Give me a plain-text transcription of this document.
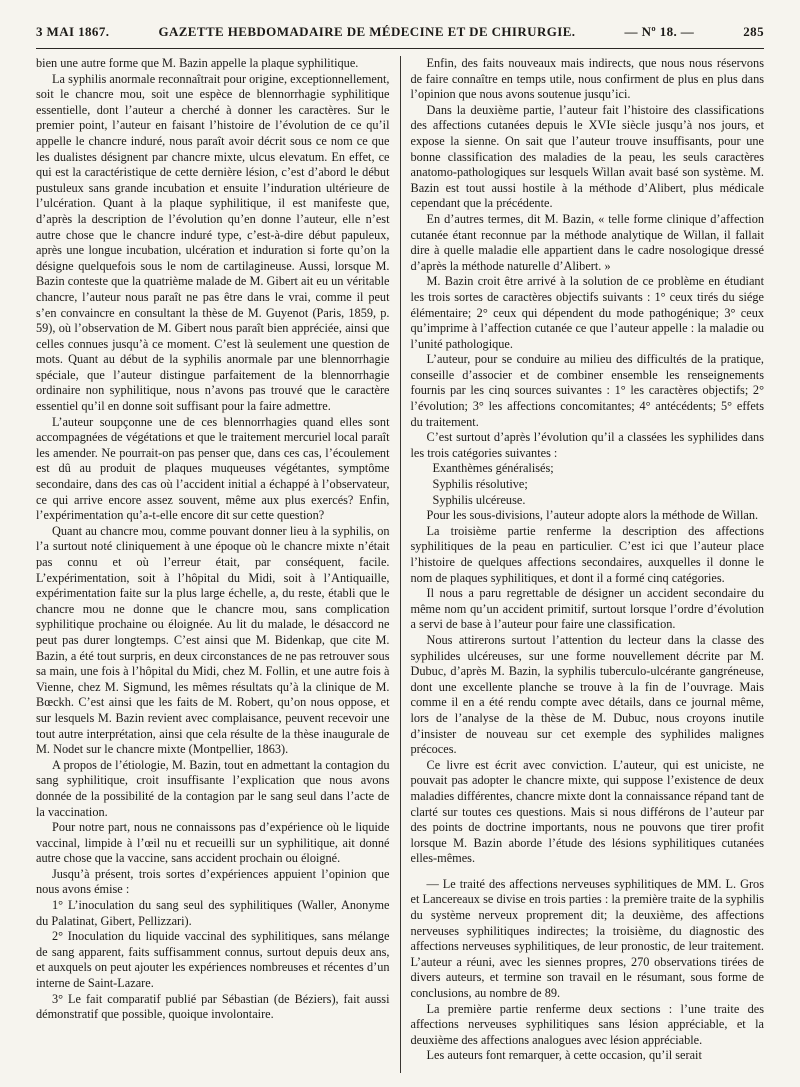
3 MAI 1867.	GAZETTE HEBDOMADAIRE DE MÉDECINE ET DE CHIRURGIE.	— Nº 18. —	285

bien une autre forme que M. Bazin appelle la plaque syphilitique.

La syphilis anormale reconnaîtrait pour origine, exceptionnellement, soit le chancre mou, soit une espèce de blennorrhagie syphilitique essentielle, dont l’auteur a cherché à donner les caractères. Sur le premier point, l’auteur en faisant l’histoire de l’évolution de ce qu’il appelle le chancre induré, nous paraît avoir décrit sous ce nom ce que les dualistes désignent par chancre mixte, ulcus elevatum. En effet, ce qui est la caractéristique de cette dernière lésion, c’est d’abord le début pustuleux sans grande incubation et ensuite l’induration ultérieure de l’ulcération. Quant à la plaque syphilitique, il est manifeste que, d’après la description de l’évolution qu’en donne l’auteur, elle n’est autre chose que le chancre induré type, c’est-à-dire début papuleux, après une longue incubation, ulcération et induration si forte qu’on la désigne quelquefois sous le nom de cartilagineuse. Aussi, lorsque M. Bazin conteste que la quatrième malade de M. Gibert ait eu un véritable chancre, l’auteur nous paraît ne pas être dans le vrai, comme il peut s’en convaincre en consultant la thèse de M. Guyenot (Paris, 1859, p. 59), où l’observation de M. Gibert nous paraît bien appréciée, ainsi que celles connues jusqu’à ce moment. C’est là seulement une question de mots. Quant au début de la syphilis anormale par une blennorrhagie spéciale, que l’auteur distingue parfaitement de la blennorrhagie ordinaire non syphilitique, nous n’avons pas trouvé que le caractère essentiel qu’il en donne soit suffisant pour la faire admettre.

L’auteur soupçonne une de ces blennorrhagies quand elles sont accompagnées de végétations et que le traitement mercuriel local paraît les amender. Ne pourrait-on pas penser que, dans ces cas, l’écoulement est dû au produit de plaques muqueuses végétantes, symptôme secondaire, dans des cas où l’accident initial a échappé à l’observateur, ce qui arrive encore assez souvent, même aux plus exercés? Enfin, l’expérimentation qu’a-t-elle encore dit sur cette question?

Quant au chancre mou, comme pouvant donner lieu à la syphilis, on l’a surtout noté cliniquement à une époque où le chancre mixte n’était pas connu et où l’erreur était, par conséquent, facile. L’expérimentation, soit à l’hôpital du Midi, soit à l’Antiquaille, expérimentation faite sur la plus large échelle, a, du reste, établi que le chancre mou ne donne que le chancre mou, sans complication syphilitique prochaine ou éloignée. Au lit du malade, le désaccord ne peut pas durer longtemps. C’est ainsi que M. Bidenkap, que cite M. Bazin, a été tout surpris, en deux circonstances de ne pas retrouver sous sa main, une fois à l’hôpital du Midi, chez M. Follin, et une autre fois à Vienne, chez M. Sigmund, les mêmes résultats qu’à la clinique de M. Bœckh. C’est ainsi que les faits de M. Robert, qu’on nous oppose, et sur lesquels M. Bazin revient avec complaisance, peuvent recevoir une tout autre interprétation, ainsi que cela résulte de la thèse inaugurale de M. Nodet sur le chancre mixte (Montpellier, 1863).

A propos de l’étiologie, M. Bazin, tout en admettant la contagion du sang syphilitique, croit insuffisante l’explication que nous avons donnée de la possibilité de la contagion par le sang seul dans l’acte de la vaccination.

Pour notre part, nous ne connaissons pas d’expérience où le liquide vaccinal, limpide à l’œil nu et recueilli sur un syphilitique, ait donné autre chose que la vaccine, sans accident prochain ou éloigné.

Jusqu’à présent, trois sortes d’expériences appuient l’opinion que nous avons émise :

1° L’inoculation du sang seul des syphilitiques (Waller, Anonyme du Palatinat, Gibert, Pellizzari).

2° Inoculation du liquide vaccinal des syphilitiques, sans mélange de sang apparent, faits suffisamment connus, surtout depuis deux ans, et auxquels on peut ajouter les expériences nombreuses et récentes d’un interne de Saint-Lazare.

3° Le fait comparatif publié par Sébastian (de Béziers), fait aussi démonstratif que possible, quoique involontaire.

Enfin, des faits nouveaux mais indirects, que nous nous réservons de faire connaître en temps utile, nous confirment de plus en plus dans l’opinion que nous avons soutenue jusqu’ici.

Dans la deuxième partie, l’auteur fait l’histoire des classifications des affections cutanées depuis le XVIe siècle jusqu’à nos jours, et expose la sienne. On sait que l’auteur trouve insuffisants, pour une bonne classification des maladies de la peau, les seuls caractères anatomo-pathologiques sur lesquels Willan avait basé son système. M. Bazin est tout aussi hostile à la méthode d’Alibert, plus médicale cependant que la précédente.

En d’autres termes, dit M. Bazin, « telle forme clinique d’affection cutanée étant reconnue par la méthode analytique de Willan, il fallait dire à quelle maladie elle appartient dans le cadre nosologique dressé d’après la méthode naturelle d’Alibert. »

M. Bazin croit être arrivé à la solution de ce problème en étudiant les trois sortes de caractères objectifs suivants : 1° ceux tirés du siége élémentaire; 2° ceux qui dépendent du mode pathogénique; 3° ceux qu’imprime à l’affection cutanée ce que l’auteur appelle : la maladie ou l’unité pathologique.

L’auteur, pour se conduire au milieu des difficultés de la pratique, conseille d’associer et de combiner ensemble les renseignements fournis par les cinq sources suivantes : 1° les caractères objectifs; 2° l’évolution; 3° les affections concomitantes; 4° antécédents; 5° effets du traitement.

C’est surtout d’après l’évolution qu’il a classées les syphilides dans les trois catégories suivantes :

Exanthèmes généralisés;

Syphilis résolutive;

Syphilis ulcéreuse.

Pour les sous-divisions, l’auteur adopte alors la méthode de Willan.

La troisième partie renferme la description des affections syphilitiques de la peau en particulier. C’est ici que l’auteur place l’histoire de quelques affections secondaires, auxquelles il donne le nom de plaques syphilitiques, et dont il a formé cinq catégories.

Il nous a paru regrettable de désigner un accident secondaire du même nom qu’un accident primitif, surtout lorsque l’ordre d’évolution a servi de base à l’auteur pour faire une classification.

Nous attirerons surtout l’attention du lecteur dans la classe des syphilides ulcéreuses, sur une forme nouvellement décrite par M. Dubuc, d’après M. Bazin, la syphilis tuberculo-ulcérante gangréneuse, dont une excellente planche se trouve à la fin de l’ouvrage. Mais comme il en a été rendu compte avec détails, dans ce journal même, lors de l’analyse de la thèse de M. Dubuc, nous croyons inutile d’insister de nouveau sur cet exemple des syphilides malignes précoces.

Ce livre est écrit avec conviction. L’auteur, qui est uniciste, ne pouvait pas adopter le chancre mixte, qui suppose l’existence de deux maladies différentes, chancre mixte dont la connaissance répand tant de clarté sur toutes ces questions. Mais si nous différons de l’auteur par des points de doctrine importants, nous ne pouvons que tirer profit lorsque M. Bazin aborde l’étude des lésions syphilitiques cutanées elles-mêmes.

— Le traité des affections nerveuses syphilitiques de MM. L. Gros et Lancereaux se divise en trois parties : la première traite de la syphilis du système nerveux proprement dit; la deuxième, des affections nerveuses syphilitiques indirectes; la troisième, du diagnostic des affections nerveuses syphilitiques, de leur pronostic, de leur traitement. L’auteur a réuni, avec les siennes propres, 270 observations tirées de divers auteurs, et termine son travail en le résumant, sous forme de conclusions, au nombre de 89.

La première partie renferme deux sections : l’une traite des affections nerveuses syphilitiques sans lésion appréciable, et la deuxième des affections analogues avec lésion appréciable.

Les auteurs font remarquer, à cette occasion, qu’il serait
